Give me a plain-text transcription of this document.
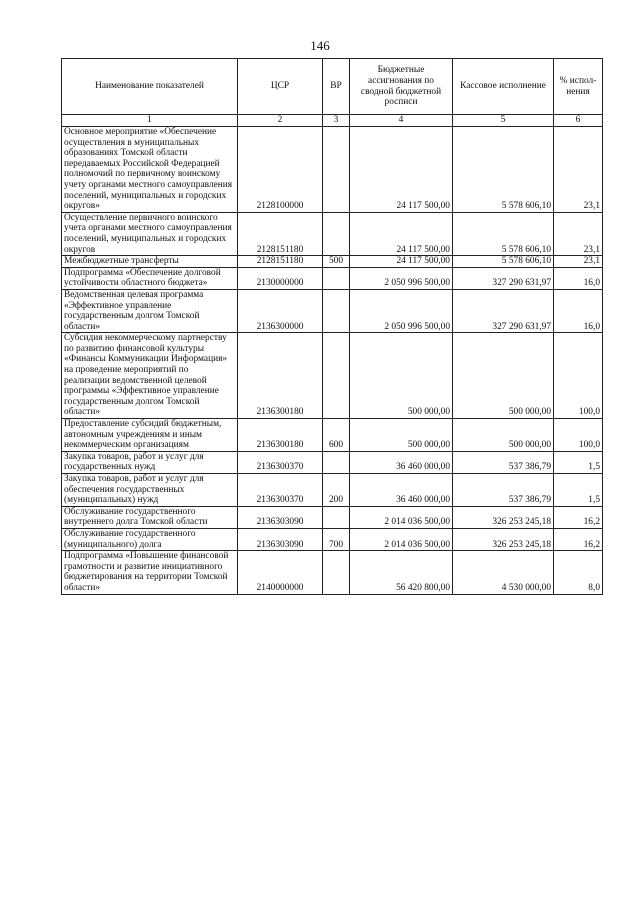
146
Наименование показателей	ЦСР	ВР	Бюджетные ассигнования по сводной бюджетной росписи	Кассовое исполнение	% испол-нения
1	2	3	4	5	6
Основное мероприятие «Обеспечение осуществления в муниципальных образованиях Томской области передаваемых Российской Федерацией полномочий по первичному воинскому учету органами местного самоуправления поселений, муниципальных и городских округов»	2128100000		24 117 500,00	5 578 606,10	23,1
Осуществление первичного воинского учета органами местного самоуправления поселений, муниципальных и городских округов	2128151180		24 117 500,00	5 578 606,10	23,1
Межбюджетные трансферты	2128151180	500	24 117 500,00	5 578 606,10	23,1
Подпрограмма «Обеспечение долговой устойчивости областного бюджета»	2130000000		2 050 996 500,00	327 290 631,97	16,0
Ведомственная целевая программа «Эффективное управление государственным долгом Томской области»	2136300000		2 050 996 500,00	327 290 631,97	16,0
Субсидия некоммерческому партнерству по развитию финансовой культуры «Финансы Коммуникации Информация» на проведение мероприятий по реализации ведомственной целевой программы «Эффективное управление государственным долгом Томской области»	2136300180		500 000,00	500 000,00	100,0
Предоставление субсидий бюджетным, автономным учреждениям и иным некоммерческим организациям	2136300180	600	500 000,00	500 000,00	100,0
Закупка товаров, работ и услуг для государственных нужд	2136300370		36 460 000,00	537 386,79	1,5
Закупка товаров, работ и услуг для обеспечения государственных (муниципальных) нужд	2136300370	200	36 460 000,00	537 386,79	1,5
Обслуживание государственного внутреннего долга Томской области	2136303090		2 014 036 500,00	326 253 245,18	16,2
Обслуживание государственного (муниципального) долга	2136303090	700	2 014 036 500,00	326 253 245,18	16,2
Подпрограмма «Повышение финансовой грамотности и развитие инициативного бюджетирования на территории Томской области»	2140000000		56 420 800,00	4 530 000,00	8,0
